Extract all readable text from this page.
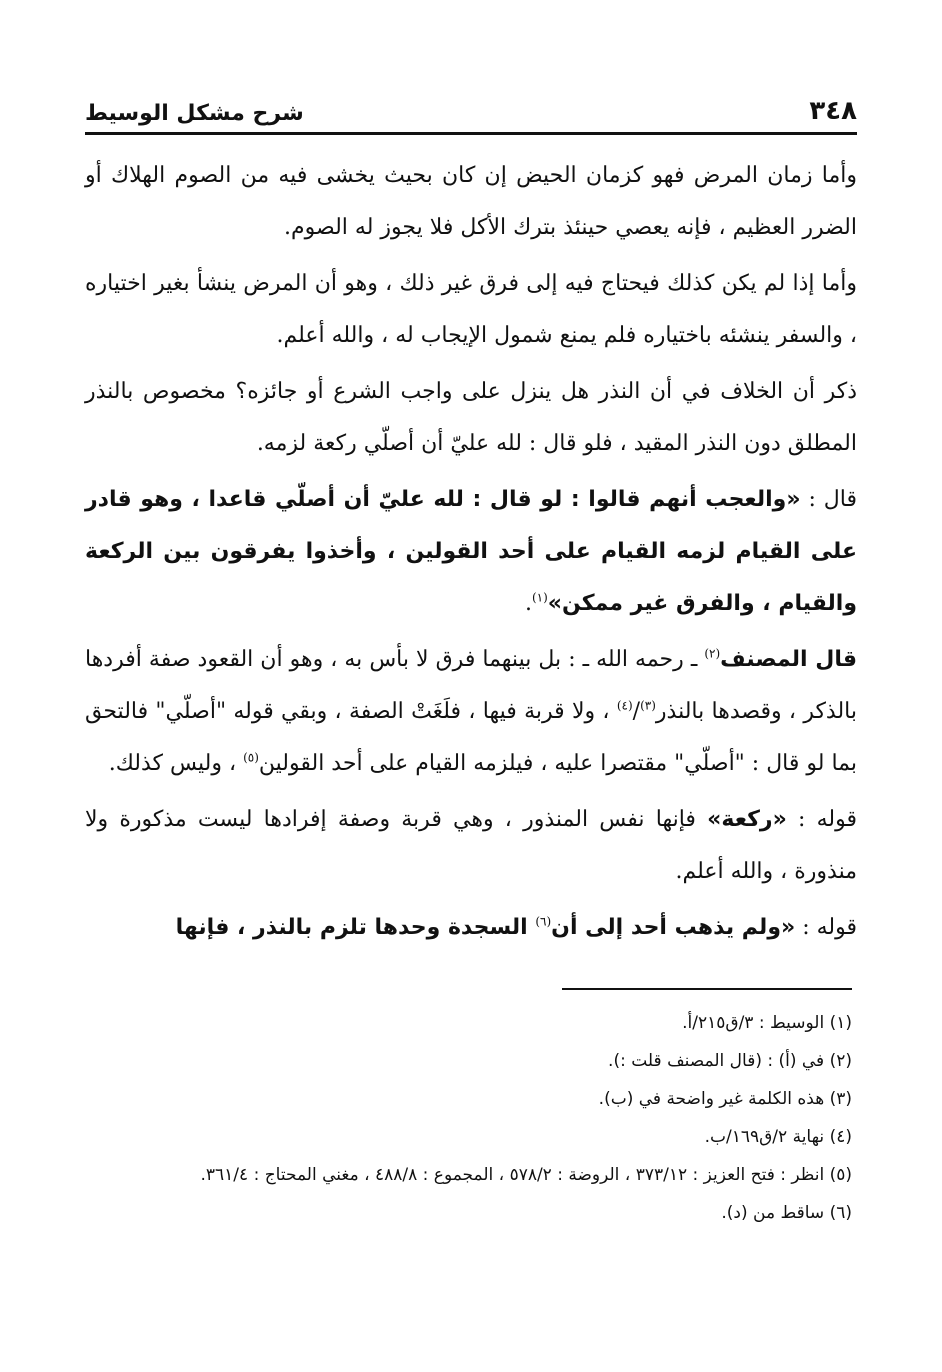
٣٤٨
شرح مشكل الوسيط

وأما زمان المرض فهو كزمان الحيض إن كان بحيث يخشى فيه من الصوم الهلاك أو الضرر العظيم ، فإنه يعصي حينئذ بترك الأكل فلا يجوز له الصوم.

وأما إذا لم يكن كذلك فيحتاج فيه إلى فرق غير ذلك ، وهو أن المرض ينشأ بغير اختياره ، والسفر ينشئه باختياره فلم يمنع شمول الإيجاب له ، والله أعلم.

ذكر أن الخلاف في أن النذر هل ينزل على واجب الشرع أو جائزه؟ مخصوص بالنذر المطلق دون النذر المقيد ، فلو قال : لله عليّ أن أصلّي ركعة لزمه.

قال : «والعجب أنهم قالوا : لو قال : لله عليّ أن أصلّي قاعدا ، وهو قادر على القيام لزمه القيام على أحد القولين ، وأخذوا يفرقون بين الركعة والقيام ، والفرق غير ممكن»$^{(١)}$.

قال المصنف$^{(٢)}$ ـ رحمه الله ـ : بل بينهما فرق لا بأس به ، وهو أن القعود صفة أفردها بالذكر ، وقصدها بالنذر$^{(٣)}$/$^{(٤)}$ ، ولا قربة فيها ، فلَغَتْ الصفة ، وبقي قوله "أصلّي" فالتحق بما لو قال : "أصلّي" مقتصرا عليه ، فيلزمه القيام على أحد القولين$^{(٥)}$ ، وليس كذلك.

قوله : «ركعة» فإنها نفس المنذور ، وهي قربة وصفة إفرادها ليست مذكورة ولا منذورة ، والله أعلم.

قوله : «ولم يذهب أحد إلى أن$^{(٦)}$ السجدة وحدها تلزم بالنذر ، فإنها

(١) الوسيط : ٣/ق٢١٥/أ.
(٢) في (أ) : (قال المصنف قلت :).
(٣) هذه الكلمة غير واضحة في (ب).
(٤) نهاية ٢/ق١٦٩/ب.
(٥) انظر : فتح العزيز : ٣٧٣/١٢ ، الروضة : ٥٧٨/٢ ، المجموع : ٤٨٨/٨ ، مغني المحتاج : ٣٦١/٤.
(٦) ساقط من (د).
